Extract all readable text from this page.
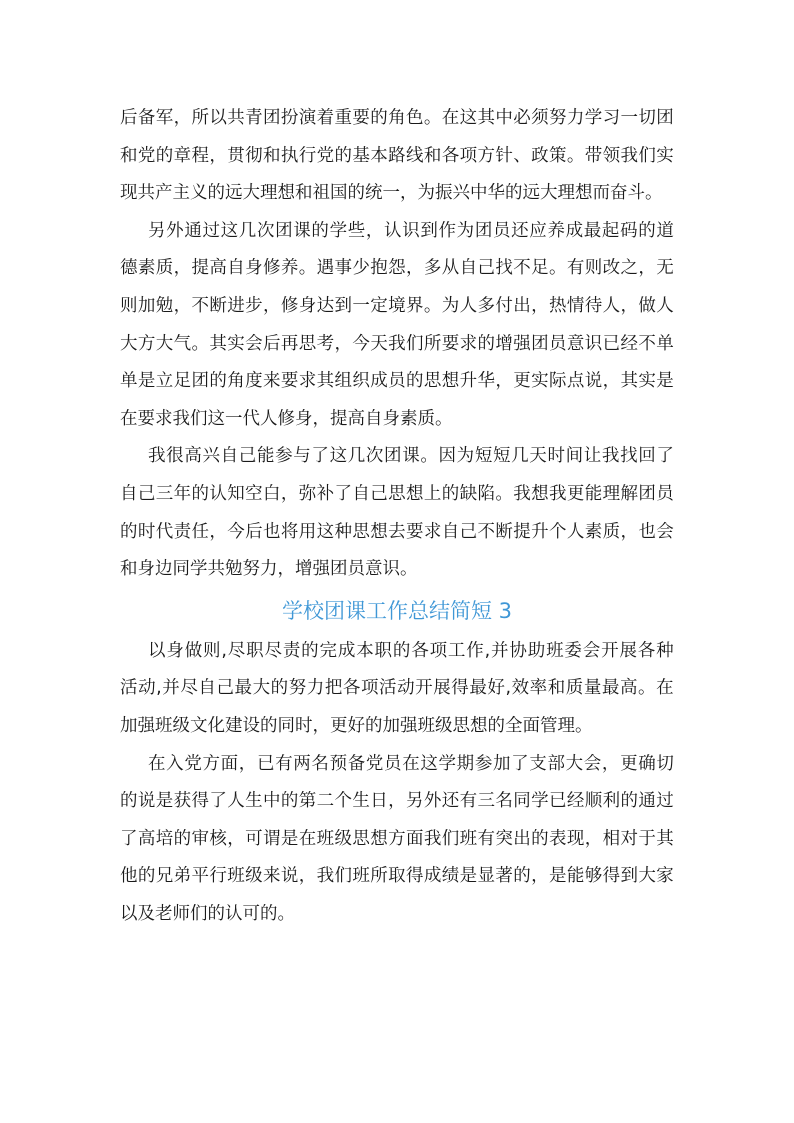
后 备 军 ， 所 以 共 青 团 扮 演 着 重 要 的 角 色 。 在 这 其 中 必 须 努 力 学 习 一 切 团
和 党 的 章 程 ， 贯 彻 和 执 行 党 的 基 本 路 线 和 各 项 方 针 、 政 策 。 带 领 我 们 实
现共产主义的远大理想和祖国的统一，为振兴中华的远大理想而奋斗。
另 外 通 过 这 几 次 团 课 的 学 些 ， 认 识 到 作 为 团 员 还 应 养 成 最 起 码 的 道
德 素 质 ， 提 高 自 身 修 养 。 遇 事 少 抱 怨 ， 多 从 自 己 找 不 足 。 有 则 改 之 ， 无
则 加 勉 ， 不 断 进 步 ， 修 身 达 到 一 定 境 界 。 为 人 多 付 出 ， 热 情 待 人 ， 做 人
大 方 大 气 。 其 实 会 后 再 思 考 ， 今 天 我 们 所 要 求 的 增 强 团 员 意 识 已 经 不 单
单 是 立 足 团 的 角 度 来 要 求 其 组 织 成 员 的 思 想 升 华 ， 更 实 际 点 说 ， 其 实 是
在要求我们这一代人修身，提高自身素质。
我 很 高 兴 自 己 能 参 与 了 这 几 次 团 课 。 因 为 短 短 几 天 时 间 让 我 找 回 了
自 己 三 年 的 认 知 空 白 ， 弥 补 了 自 己 思 想 上 的 缺 陷 。 我 想 我 更 能 理 解 团 员
的 时 代 责 任 ， 今 后 也 将 用 这 种 思 想 去 要 求 自 己 不 断 提 升 个 人 素 质 ， 也 会
和身边同学共勉努力，增强团员意识。
学校团课工作总结简短 3
以 身 做 则 , 尽 职 尽 责 的 完 成 本 职 的 各 项 工 作 , 并 协 助 班 委 会 开 展 各 种
活 动 , 并 尽 自 己 最 大 的 努 力 把 各 项 活 动 开 展 得 最 好 , 效 率 和 质 量 最 高 。 在
加强班级文化建设的同时，更好的加强班级思想的全面管理。
在 入 党 方 面 ， 已 有 两 名 预 备 党 员 在 这 学 期 参 加 了 支 部 大 会 ， 更 确 切
的 说 是 获 得 了 人 生 中 的 第 二 个 生 日 ， 另 外 还 有 三 名 同 学 已 经 顺 利 的 通 过
了 高 培 的 审 核 ， 可 谓 是 在 班 级 思 想 方 面 我 们 班 有 突 出 的 表 现 ， 相 对 于 其
他 的 兄 弟 平 行 班 级 来 说 ， 我 们 班 所 取 得 成 绩 是 显 著 的 ， 是 能 够 得 到 大 家
以及老师们的认可的。
